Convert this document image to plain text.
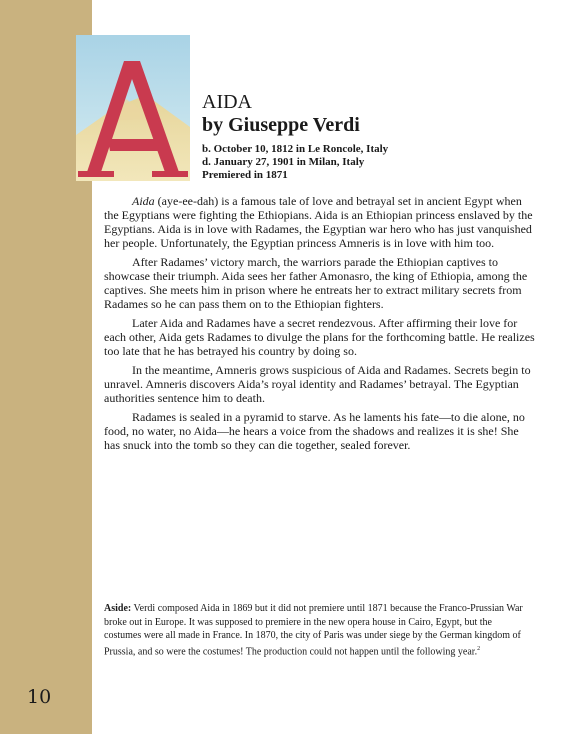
10
AIDA
by Giuseppe Verdi
b. October 10, 1812 in Le Roncole, Italy
d. January 27, 1901 in Milan, Italy
Premiered in 1871

Aida (aye-ee-dah) is a famous tale of love and betrayal set in ancient Egypt when the Egyptians were fighting the Ethiopians. Aida is an Ethiopian princess enslaved by the Egyptians. Aida is in love with Radames, the Egyptian war hero who has just vanquished her people. Unfortunately, the Egyptian princess Amneris is in love with him too.

After Radames’ victory march, the warriors parade the Ethiopian captives to showcase their triumph. Aida sees her father Amonasro, the king of Ethiopia, among the captives. She meets him in prison where he entreats her to extract military secrets from Radames so he can pass them on to the Ethiopian fighters.

Later Aida and Radames have a secret rendezvous. After affirming their love for each other, Aida gets Radames to divulge the plans for the forthcoming battle. He realizes too late that he has betrayed his country by doing so.

In the meantime, Amneris grows suspicious of Aida and Radames. Secrets begin to unravel. Amneris discovers Aida’s royal identity and Radames’ betrayal. The Egyptian authorities sentence him to death.

Radames is sealed in a pyramid to starve. As he laments his fate—to die alone, no food, no water, no Aida—he hears a voice from the shadows and realizes it is she! She has snuck into the tomb so they can die together, sealed forever.

Aside: Verdi composed Aida in 1869 but it did not premiere until 1871 because the Franco-Prussian War broke out in Europe. It was supposed to premiere in the new opera house in Cairo, Egypt, but the costumes were all made in France. In 1870, the city of Paris was under siege by the German kingdom of Prussia, and so were the costumes! The production could not happen until the following year.$^2$
